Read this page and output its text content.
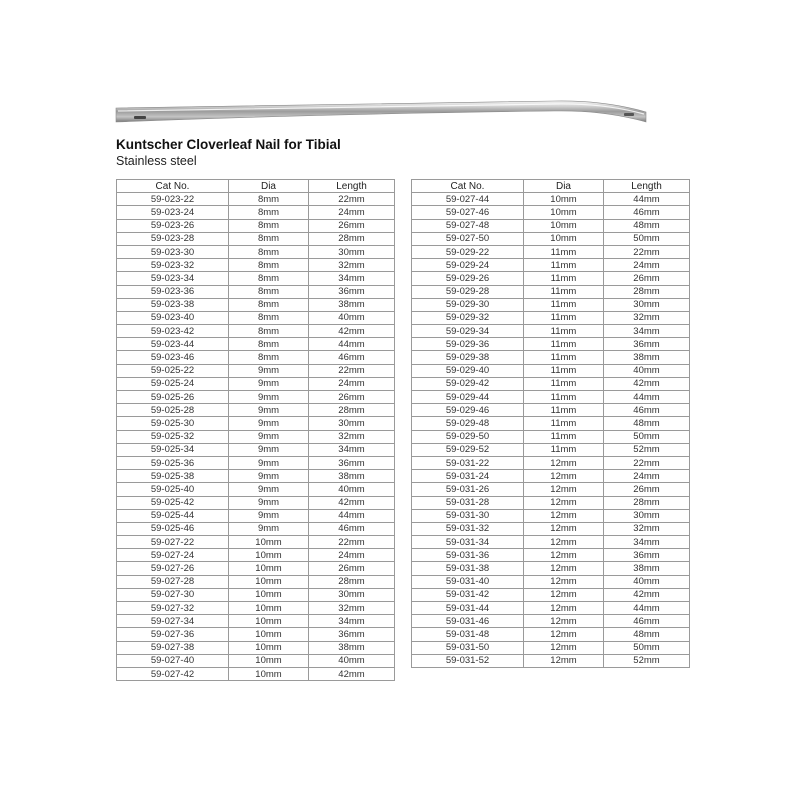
Kuntscher Cloverleaf Nail for Tibial
Stainless steel
Cat No.	Dia	Length
59-023-22	8mm	22mm
59-023-24	8mm	24mm
59-023-26	8mm	26mm
59-023-28	8mm	28mm
59-023-30	8mm	30mm
59-023-32	8mm	32mm
59-023-34	8mm	34mm
59-023-36	8mm	36mm
59-023-38	8mm	38mm
59-023-40	8mm	40mm
59-023-42	8mm	42mm
59-023-44	8mm	44mm
59-023-46	8mm	46mm
59-025-22	9mm	22mm
59-025-24	9mm	24mm
59-025-26	9mm	26mm
59-025-28	9mm	28mm
59-025-30	9mm	30mm
59-025-32	9mm	32mm
59-025-34	9mm	34mm
59-025-36	9mm	36mm
59-025-38	9mm	38mm
59-025-40	9mm	40mm
59-025-42	9mm	42mm
59-025-44	9mm	44mm
59-025-46	9mm	46mm
59-027-22	10mm	22mm
59-027-24	10mm	24mm
59-027-26	10mm	26mm
59-027-28	10mm	28mm
59-027-30	10mm	30mm
59-027-32	10mm	32mm
59-027-34	10mm	34mm
59-027-36	10mm	36mm
59-027-38	10mm	38mm
59-027-40	10mm	40mm
59-027-42	10mm	42mm
Cat No.	Dia	Length
59-027-44	10mm	44mm
59-027-46	10mm	46mm
59-027-48	10mm	48mm
59-027-50	10mm	50mm
59-029-22	11mm	22mm
59-029-24	11mm	24mm
59-029-26	11mm	26mm
59-029-28	11mm	28mm
59-029-30	11mm	30mm
59-029-32	11mm	32mm
59-029-34	11mm	34mm
59-029-36	11mm	36mm
59-029-38	11mm	38mm
59-029-40	11mm	40mm
59-029-42	11mm	42mm
59-029-44	11mm	44mm
59-029-46	11mm	46mm
59-029-48	11mm	48mm
59-029-50	11mm	50mm
59-029-52	11mm	52mm
59-031-22	12mm	22mm
59-031-24	12mm	24mm
59-031-26	12mm	26mm
59-031-28	12mm	28mm
59-031-30	12mm	30mm
59-031-32	12mm	32mm
59-031-34	12mm	34mm
59-031-36	12mm	36mm
59-031-38	12mm	38mm
59-031-40	12mm	40mm
59-031-42	12mm	42mm
59-031-44	12mm	44mm
59-031-46	12mm	46mm
59-031-48	12mm	48mm
59-031-50	12mm	50mm
59-031-52	12mm	52mm
